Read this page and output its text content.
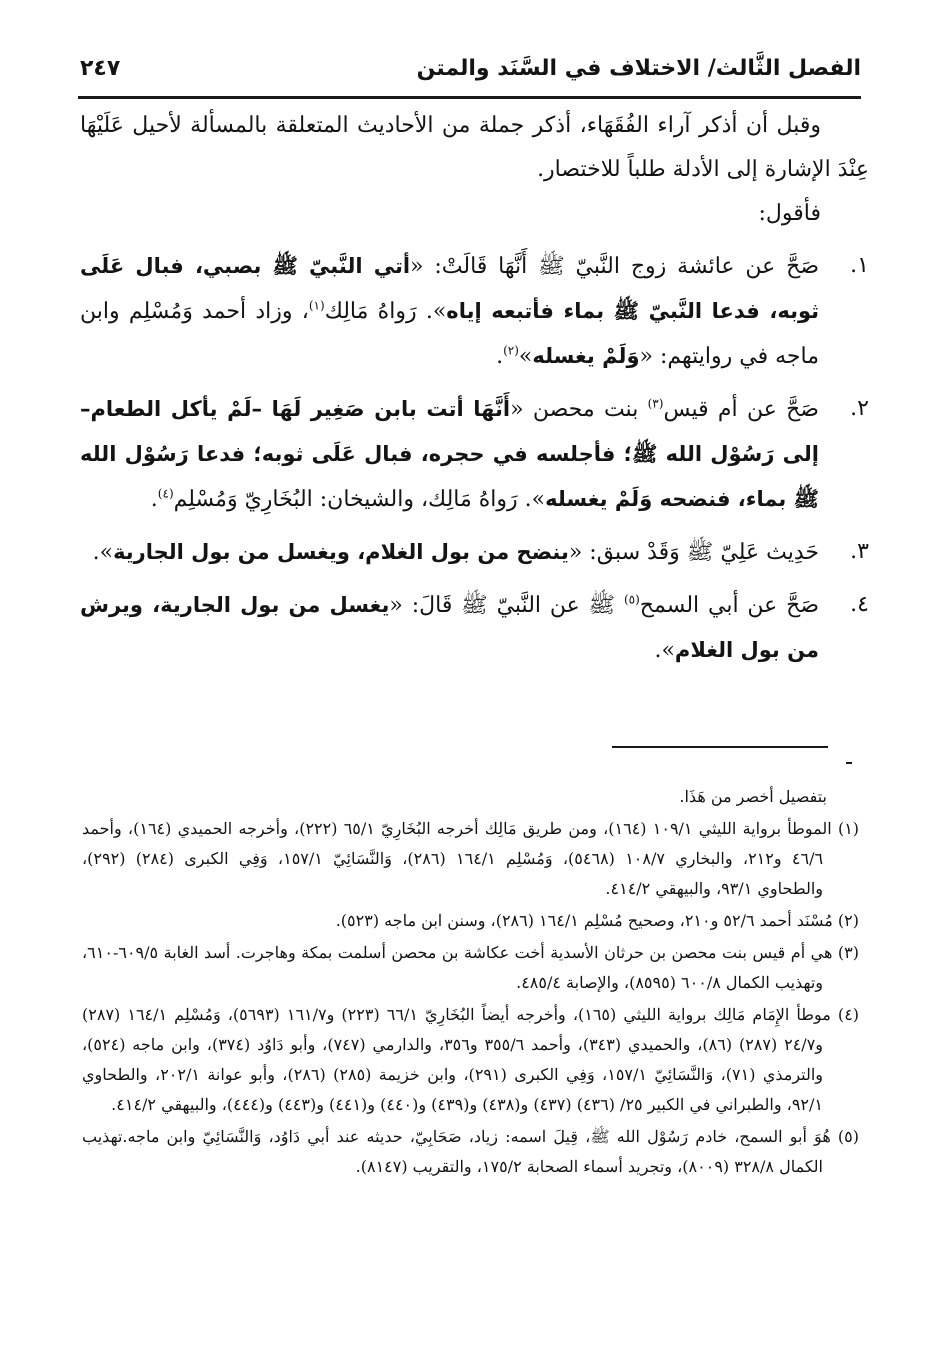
الفصل الثَّالث/ الاختلاف في السَّنَد والمتن
٢٤٧

وقبل أن أذكر آراء الفُقَهَاء، أذكر جملة من الأحاديث المتعلقة بالمسألة لأحيل عَلَيْهَا عِنْدَ الإشارة إلى الأدلة طلباً للاختصار.

فأقول:

١.

صَحَّ عن عائشة زوج النَّبيّ ﷺ أَنَّهَا قَالَتْ: «أتي النَّبيّ ﷺ بصبي، فبال عَلَى ثوبه، فدعا النَّبيّ ﷺ بماء فأتبعه إياه». رَواهُ مَالِك$^{(١)}$، وزاد أحمد وَمُسْلِم وابن ماجه في روايتهم: «وَلَمْ يغسله»$^{(٢)}$.

٢.

صَحَّ عن أم قيس$^{(٣)}$ بنت محصن «أَنَّهَا أتت بابن صَغِير لَهَا –لَمْ يأكل الطعام– إلى رَسُوْل الله ﷺ؛ فأجلسه في حجره، فبال عَلَى ثوبه؛ فدعا رَسُوْل الله ﷺ بماء، فنضحه وَلَمْ يغسله». رَواهُ مَالِك، والشيخان: البُخَارِيّ وَمُسْلِم$^{(٤)}$.

٣.

حَدِيث عَلِيّ ﷺ وَقَدْ سبق: «ينضح من بول الغلام، ويغسل من بول الجارية».

٤.

صَحَّ عن أبي السمح$^{(٥)}$ ﷺ عن النَّبيّ ﷺ قَالَ: «يغسل من بول الجارية، ويرش من بول الغلام».

بتفصيل أخصر من هَذَا.

(١) الموطأ برواية الليثي ١٠٩/١ (١٦٤)، ومن طريق مَالِك أخرجه البُخَارِيّ ٦٥/١ (٢٢٢)، وأخرجه الحميدي (١٦٤)، وأحمد ٤٦/٦ و٢١٢، والبخاري ١٠٨/٧ (٥٤٦٨)، وَمُسْلِم ١٦٤/١ (٢٨٦)، وَالنَّسَائِيّ ١٥٧/١، وَفِي الكبرى (٢٨٤) (٢٩٢)، والطحاوي ٩٣/١، والبيهقي ٤١٤/٢.

(٢) مُسْنَد أحمد ٥٢/٦ و٢١٠، وصحيح مُسْلِم ١٦٤/١ (٢٨٦)، وسنن ابن ماجه (٥٢٣).

(٣) هي أم قيس بنت محصن بن حرثان الأسدية أخت عكاشة بن محصن أسلمت بمكة وهاجرت. أسد الغابة ٦٠٩/٥-٦١٠، وتهذيب الكمال ٦٠٠/٨ (٨٥٩٥)، والإصابة ٤٨٥/٤.

(٤) موطأ الإِمَام مَالِك برواية الليثي (١٦٥)، وأخرجه أيضاً البُخَارِيّ ٦٦/١ (٢٢٣) و١٦١/٧ (٥٦٩٣)، وَمُسْلِم ١٦٤/١ (٢٨٧) و٢٤/٧ (٢٨٧) (٨٦)، والحميدي (٣٤٣)، وأحمد ٣٥٥/٦ و٣٥٦، والدارمي (٧٤٧)، وأبو دَاوُد (٣٧٤)، وابن ماجه (٥٢٤)، والترمذي (٧١)، وَالنَّسَائِيّ ١٥٧/١، وَفِي الكبرى (٢٩١)، وابن خزيمة (٢٨٥) (٢٨٦)، وأبو عوانة ٢٠٢/١، والطحاوي ٩٢/١، والطبراني في الكبير ٢٥/ (٤٣٦) (٤٣٧) و(٤٣٨) و(٤٣٩) و(٤٤٠) و(٤٤١) و(٤٤٣) و(٤٤٤)، والبيهقي ٤١٤/٢.

(٥) هُوَ أبو السمح، خادم رَسُوْل الله ﷺ، قِيلَ اسمه: زياد، صَحَابِيّ، حديثه عند أبي دَاوُد، وَالنَّسَائِيّ وابن ماجه.تهذيب الكمال ٣٢٨/٨ (٨٠٠٩)، وتجريد أسماء الصحابة ١٧٥/٢، والتقريب (٨١٤٧).
